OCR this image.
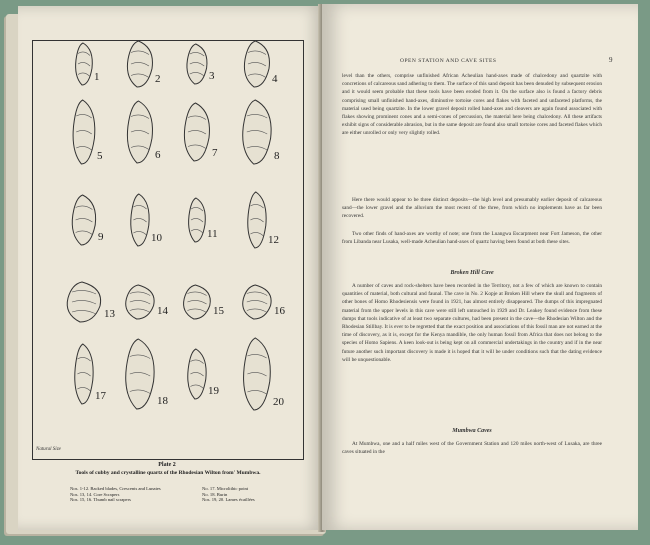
1	2	3	4
5	6	7	8
9	10	11	12
13	14	15	16
17	18
19
20
Natural Size
Plate 2
Tools of cubby and crystalline quartz of the Rhodesian Wilton from' Mumbwa.
Nos. 1-12. Backed blades, Crescents and Lunates
Nos. 13, 14. Core Scrapers
Nos. 15, 16. Thumb nail scrapers
No. 17. Microlithic point
No. 18. Burin
Nos. 19, 20. Lames écaillées
OPEN STATION AND CAVE SITES	9

level than the others, comprise unfinished African Acheulian hand-axes made of chalcedony and quartzite with concretions of calcareous sand adhering to them. The surface of this sand deposit has been denuded by subsequent erosion and it would seem probable that these tools have been eroded from it. On the surface also is found a factory debris comprising small unfinished hand-axes, diminutive tortoise cores and flakes with faceted and unfaceted platforms, the material used being quartzite. In the lower gravel deposit rolled hand-axes and cleavers are again found associated with flakes showing prominent cones and a semi-cones of percussion, the material here being chalcedony. All these artifacts exhibit signs of considerable abrasion, but in the same deposit are found also small tortoise cores and faceted flakes which are either unrolled or only very slightly rolled.

Here there would appear to be three distinct deposits—the high level and presumably earlier deposit of calcareous sand—the lower gravel and the alluvium the most recent of the three, from which no implements have as far been recovered.

Two other finds of hand-axes are worthy of note; one from the Luangwa Escarpment near Fort Jameson, the other from Libanda near Lusaka, well-made Acheulian hand-axes of quartz having been found at both these sites.

Broken Hill Cave

A number of caves and rock-shelters have been recorded in the Territory, not a few of which are known to contain quantities of material, both cultural and faunal. The cave in No. 2 Kopje at Broken Hill where the skull and fragments of other bones of Homo Rhodesiensis were found in 1921, has almost entirely disappeared. The dumps of this impregnated material from the upper levels in this cave were still left untouched in 1929 and Dr. Leakey found evidence from these dumps that tools indicative of at least two separate cultures, had been present in the cave—the Rhodesian Wilton and the Rhodesian Stillbay. It is ever to be regretted that the exact position and associations of this fossil man are not earned at the time of discovery, as it is, except for the Kenya mandible, the only human fossil from Africa that does not belong to the species of Homo Sapiens. A keen look-out is being kept on all commercial undertakings in the country and if in the near future another such important discovery is made it is hoped that it will be under conditions such that the dating evidence will be unquestionable.

Mumbwa Caves

At Mumbwa, one and a half miles west of the Government Station and 120 miles north-west of Lusaka, are three caves situated in the
